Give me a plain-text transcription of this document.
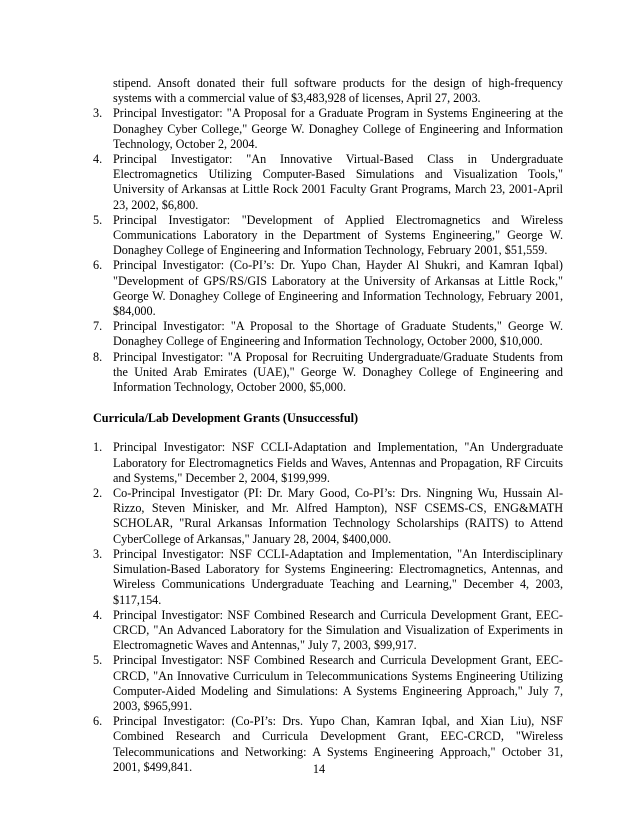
stipend. Ansoft donated their full software products for the design of high-frequency systems with a commercial value of $3,483,928 of licenses, April 27, 2003.
3. Principal Investigator: "A Proposal for a Graduate Program in Systems Engineering at the Donaghey Cyber College," George W. Donaghey College of Engineering and Information Technology, October 2, 2004.
4. Principal Investigator: "An Innovative Virtual-Based Class in Undergraduate Electromagnetics Utilizing Computer-Based Simulations and Visualization Tools," University of Arkansas at Little Rock 2001 Faculty Grant Programs, March 23, 2001-April 23, 2002, $6,800.
5. Principal Investigator: "Development of Applied Electromagnetics and Wireless Communications Laboratory in the Department of Systems Engineering," George W. Donaghey College of Engineering and Information Technology, February 2001, $51,559.
6. Principal Investigator: (Co-PI’s: Dr. Yupo Chan, Hayder Al Shukri, and Kamran Iqbal) "Development of GPS/RS/GIS Laboratory at the University of Arkansas at Little Rock," George W. Donaghey College of Engineering and Information Technology, February 2001, $84,000.
7. Principal Investigator: "A Proposal to the Shortage of Graduate Students," George W. Donaghey College of Engineering and Information Technology, October 2000, $10,000.
8. Principal Investigator: "A Proposal for Recruiting Undergraduate/Graduate Students from the United Arab Emirates (UAE)," George W. Donaghey College of Engineering and Information Technology, October 2000, $5,000.
Curricula/Lab Development Grants (Unsuccessful)
1. Principal Investigator: NSF CCLI-Adaptation and Implementation, "An Undergraduate Laboratory for Electromagnetics Fields and Waves, Antennas and Propagation, RF Circuits and Systems," December 2, 2004, $199,999.
2. Co-Principal Investigator (PI: Dr. Mary Good, Co-PI’s: Drs. Ningning Wu, Hussain Al-Rizzo, Steven Minisker, and Mr. Alfred Hampton), NSF CSEMS-CS, ENG&MATH SCHOLAR, "Rural Arkansas Information Technology Scholarships (RAITS) to Attend CyberCollege of Arkansas," January 28, 2004, $400,000.
3. Principal Investigator: NSF CCLI-Adaptation and Implementation, "An Interdisciplinary Simulation-Based Laboratory for Systems Engineering: Electromagnetics, Antennas, and Wireless Communications Undergraduate Teaching and Learning," December 4, 2003, $117,154.
4. Principal Investigator: NSF Combined Research and Curricula Development Grant, EEC-CRCD, "An Advanced Laboratory for the Simulation and Visualization of Experiments in Electromagnetic Waves and Antennas," July 7, 2003, $99,917.
5. Principal Investigator: NSF Combined Research and Curricula Development Grant, EEC-CRCD, "An Innovative Curriculum in Telecommunications Systems Engineering Utilizing Computer-Aided Modeling and Simulations: A Systems Engineering Approach," July 7, 2003, $965,991.
6. Principal Investigator: (Co-PI’s: Drs. Yupo Chan, Kamran Iqbal, and Xian Liu), NSF Combined Research and Curricula Development Grant, EEC-CRCD, "Wireless Telecommunications and Networking: A Systems Engineering Approach," October 31, 2001, $499,841.	14
